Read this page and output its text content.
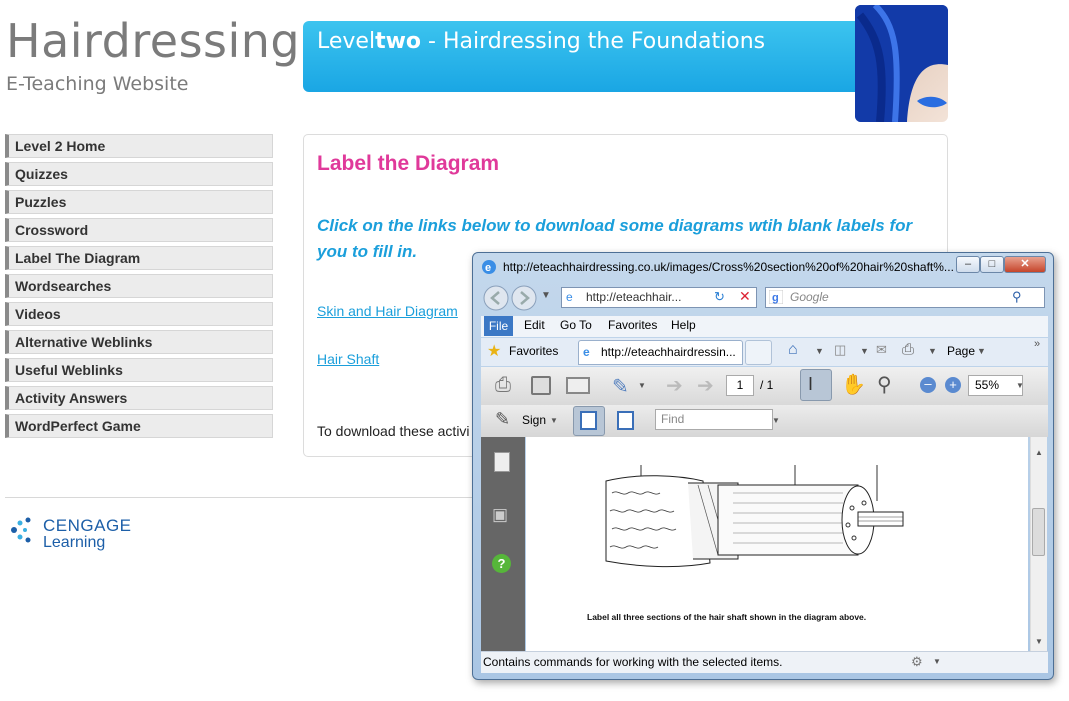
Hairdressing
E-Teaching Website
Leveltwo - Hairdressing the Foundations
Level 2 Home
Quizzes
Puzzles
Crossword
Label The Diagram
Wordsearches
Videos
Alternative Weblinks
Useful Weblinks
Activity Answers
WordPerfect Game
Label the Diagram
Click on the links below to download some diagrams wtih blank labels for you to fill in.
Skin and Hair Diagram
Hair Shaft
To download these activi
CENGAGE
Learning
e http://eteachhairdressing.co.uk/images/Cross%20section%20of%20hair%20shaft%...	–	□	✕
▼	http://eteachhair...
e	↻ ✕	Google
g	⚲
File	Edit Go To Favorites Help
★ Favorites	http://eteachhairdressin...
e	⌂ ▼ ◫ ▼ ✉ ⎙ ▼ Page ▼
»
⎙	✎ ▼ ➔ ➔	1	/ 1 I ✋ ⚲	–	+	55%	▼
✎ Sign ▼	Find	▼
▣
?
Label all three sections of the hair shaft shown in the diagram above.
▲
▼
Contains commands for working with the selected items.	⚙ ▼
